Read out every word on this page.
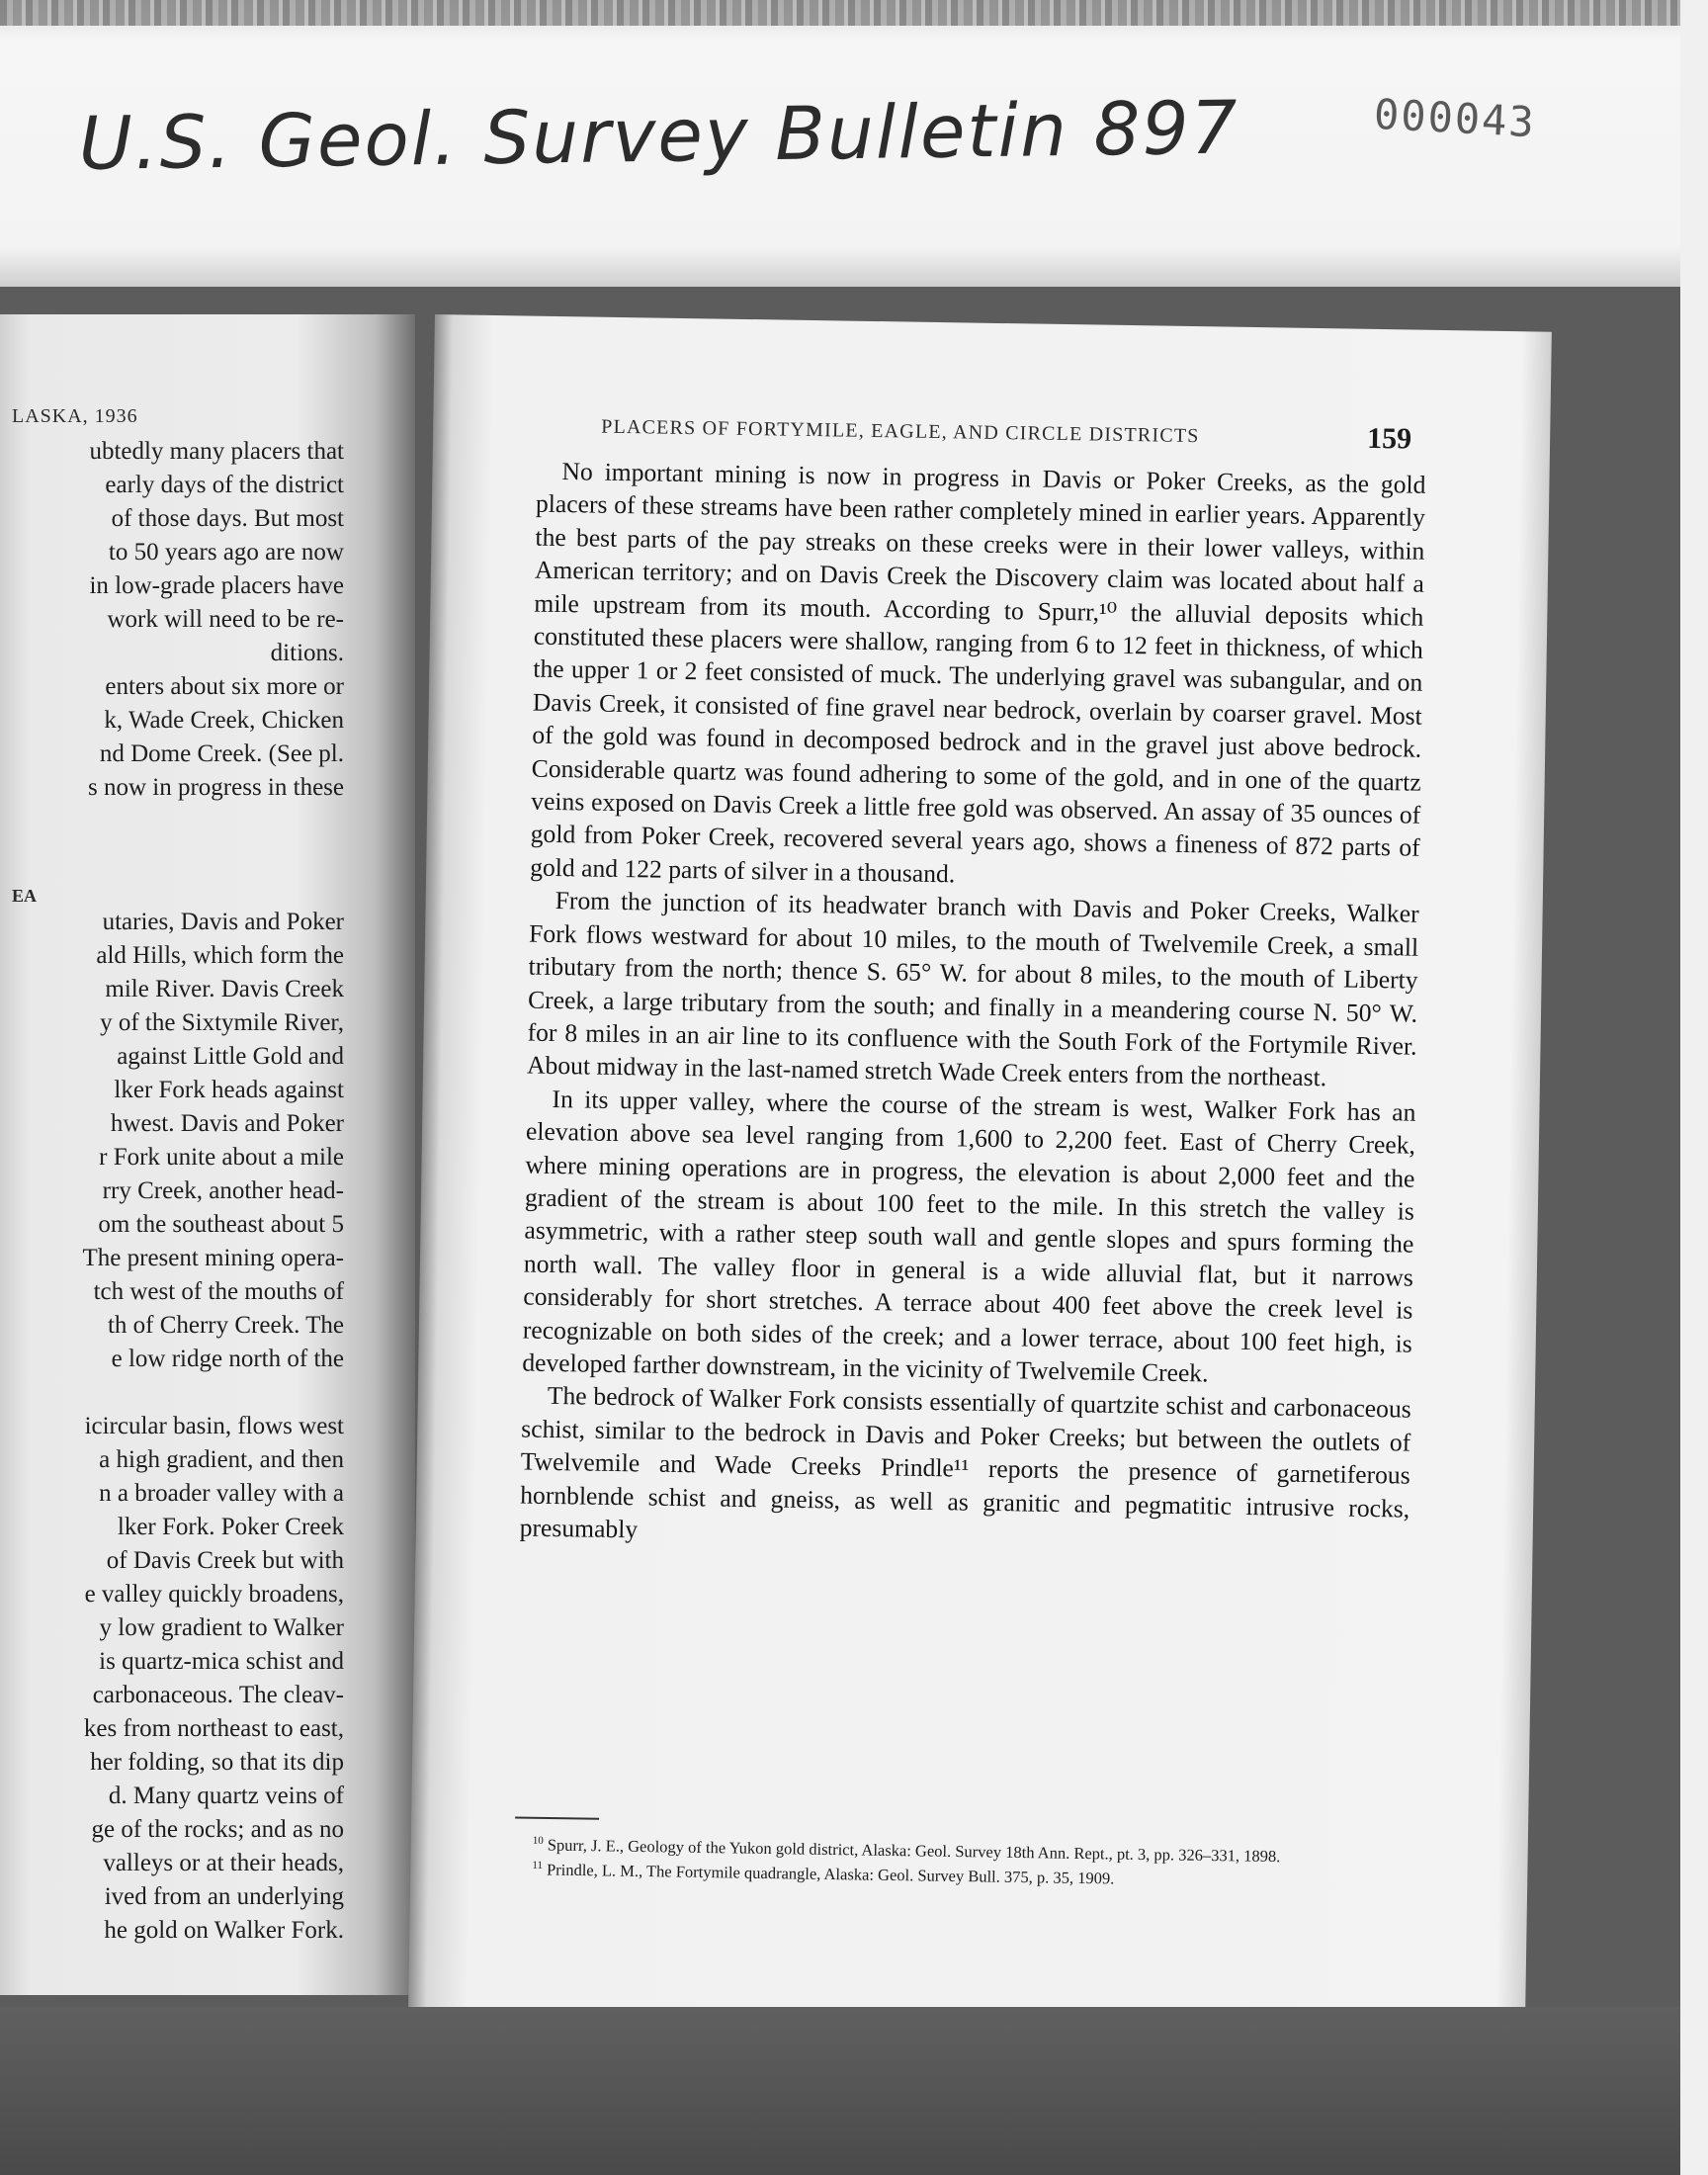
U.S. Geol. Survey Bulletin 897	000043

LASKA, 1936

EA

ubtedly many placers that

early days of the district

of those days. But most

to 50 years ago are now

in low-grade placers have

work will need to be re-

ditions.

enters about six more or

k, Wade Creek, Chicken

nd Dome Creek. (See pl.

s now in progress in these

utaries, Davis and Poker

ald Hills, which form the

mile River. Davis Creek

y of the Sixtymile River,

against Little Gold and

lker Fork heads against

hwest. Davis and Poker

r Fork unite about a mile

rry Creek, another head-

om the southeast about 5

The present mining opera-

tch west of the mouths of

th of Cherry Creek. The

e low ridge north of the

icircular basin, flows west

a high gradient, and then

n a broader valley with a

lker Fork. Poker Creek

of Davis Creek but with

e valley quickly broadens,

y low gradient to Walker

is quartz-mica schist and

carbonaceous. The cleav-

kes from northeast to east,

her folding, so that its dip

d. Many quartz veins of

ge of the rocks; and as no

valleys or at their heads,

ived from an underlying

he gold on Walker Fork.

PLACERS OF FORTYMILE, EAGLE, AND CIRCLE DISTRICTS	159

No important mining is now in progress in Davis or Poker Creeks, as the gold placers of these streams have been rather completely mined in earlier years. Apparently the best parts of the pay streaks on these creeks were in their lower valleys, within American territory; and on Davis Creek the Discovery claim was located about half a mile upstream from its mouth. According to Spurr,¹⁰ the alluvial deposits which constituted these placers were shallow, ranging from 6 to 12 feet in thickness, of which the upper 1 or 2 feet consisted of muck. The underlying gravel was subangular, and on Davis Creek, it consisted of fine gravel near bedrock, overlain by coarser gravel. Most of the gold was found in decomposed bedrock and in the gravel just above bedrock. Considerable quartz was found adhering to some of the gold, and in one of the quartz veins exposed on Davis Creek a little free gold was observed. An assay of 35 ounces of gold from Poker Creek, recovered several years ago, shows a fineness of 872 parts of gold and 122 parts of silver in a thousand.

From the junction of its headwater branch with Davis and Poker Creeks, Walker Fork flows westward for about 10 miles, to the mouth of Twelvemile Creek, a small tributary from the north; thence S. 65° W. for about 8 miles, to the mouth of Liberty Creek, a large tributary from the south; and finally in a meandering course N. 50° W. for 8 miles in an air line to its confluence with the South Fork of the Fortymile River. About midway in the last-named stretch Wade Creek enters from the northeast.

In its upper valley, where the course of the stream is west, Walker Fork has an elevation above sea level ranging from 1,600 to 2,200 feet. East of Cherry Creek, where mining operations are in progress, the elevation is about 2,000 feet and the gradient of the stream is about 100 feet to the mile. In this stretch the valley is asymmetric, with a rather steep south wall and gentle slopes and spurs forming the north wall. The valley floor in general is a wide alluvial flat, but it narrows considerably for short stretches. A terrace about 400 feet above the creek level is recognizable on both sides of the creek; and a lower terrace, about 100 feet high, is developed farther downstream, in the vicinity of Twelvemile Creek.

The bedrock of Walker Fork consists essentially of quartzite schist and carbonaceous schist, similar to the bedrock in Davis and Poker Creeks; but between the outlets of Twelvemile and Wade Creeks Prindle¹¹ reports the presence of garnetiferous hornblende schist and gneiss, as well as granitic and pegmatitic intrusive rocks, presumably

$^{10}$ Spurr, J. E., Geology of the Yukon gold district, Alaska: Geol. Survey 18th Ann. Rept., pt. 3, pp. 326–331, 1898.

$^{11}$ Prindle, L. M., The Fortymile quadrangle, Alaska: Geol. Survey Bull. 375, p. 35, 1909.
